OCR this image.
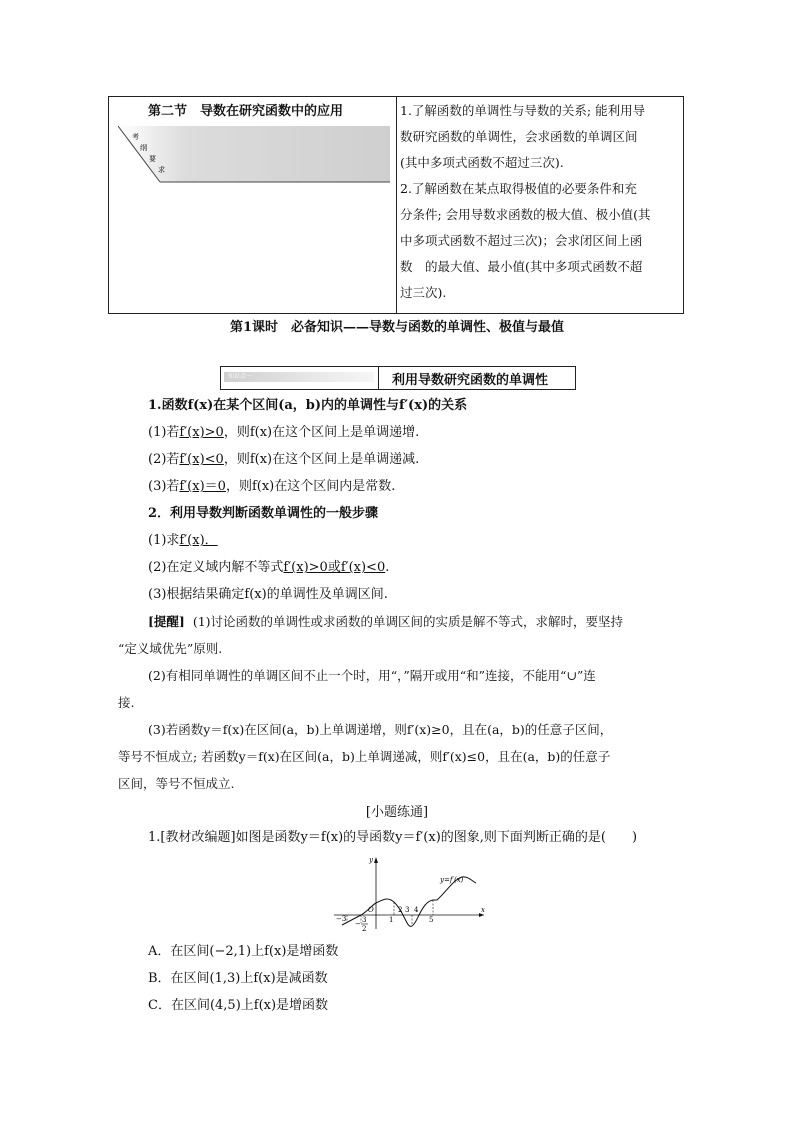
第二节　导数在研究函数中的应用
考
纲
要
求

1.了解函数的单调性与导数的关系; 能利用导

数研究函数的单调性，会求函数的单调区间

(其中多项式函数不超过三次).

2.了解函数在某点取得极值的必要条件和充

分条件; 会用导数求函数的极大值、极小值(其

中多项式函数不超过三次)；会求闭区间上函

数　的最大值、最小值(其中多项式函数不超

过三次).

第1课时　必备知识——导数与函数的单调性、极值与最值
知识点一	利用导数研究函数的单调性
1.函数f(x)在某个区间(a，b)内的单调性与f′(x)的关系
(1)若f′(x)>0，则f(x)在这个区间上是单调递增.
(2)若f′(x)<0，则f(x)在这个区间上是单调递减.
(3)若f′(x)＝0，则f(x)在这个区间内是常数.
2．利用导数判断函数单调性的一般步骤
(1)求f′(x)．
(2)在定义域内解不等式f′(x)>0或f′(x)<0.
(3)根据结果确定f(x)的单调性及单调区间.
[提醒] (1)讨论函数的单调性或求函数的单调区间的实质是解不等式，求解时，要坚持
“定义域优先”原则.
(2)有相同单调性的单调区间不止一个时，用“，”隔开或用“和”连接，不能用“∪”连
接.
(3)若函数y＝f(x)在区间(a，b)上单调递增，则f′(x)≥0，且在(a，b)的任意子区间，
等号不恒成立; 若函数y＝f(x)在区间(a，b)上单调递减，则f′(x)≤0，且在(a，b)的任意子
区间，等号不恒成立.
[小题练通]
1.[教材改编题]如图是函数y＝f(x)的导函数y＝f′(x)的图象,则下面判断正确的是(　　)
y
x
y=f′(x)
O
−3	1
2 3 4
5
− 3
2
A．在区间(−2,1)上f(x)是增函数
B．在区间(1,3)上f(x)是减函数
C．在区间(4,5)上f(x)是增函数
